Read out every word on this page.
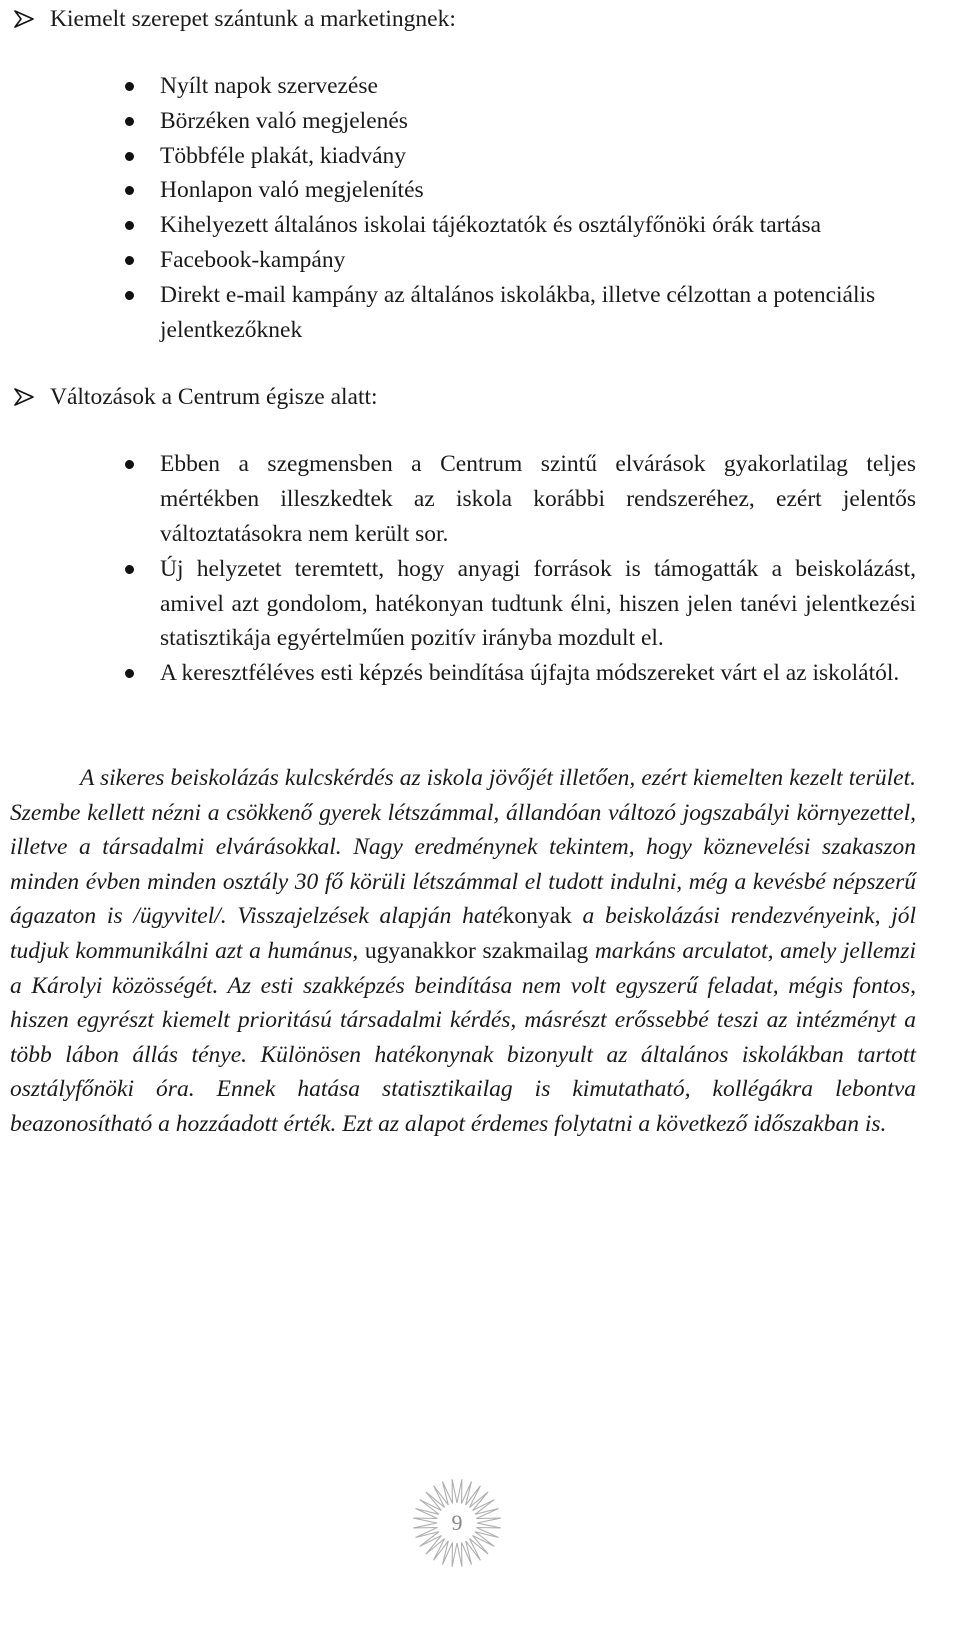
Kiemelt szerepet szántunk a marketingnek:

Nyílt napok szervezése
Börzéken való megjelenés
Többféle plakát, kiadvány
Honlapon való megjelenítés
Kihelyezett általános iskolai tájékoztatók és osztályfőnöki órák tartása
Facebook-kampány
Direkt e-mail kampány az általános iskolákba, illetve célzottan a potenciális jelentkezőknek

Változások a Centrum égisze alatt:

Ebben a szegmensben a Centrum szintű elvárások gyakorlatilag teljes mértékben illeszkedtek az iskola korábbi rendszeréhez, ezért jelentős változtatásokra nem került sor.
Új helyzetet teremtett, hogy anyagi források is támogatták a beiskolázást, amivel azt gondolom, hatékonyan tudtunk élni, hiszen jelen tanévi jelentkezési statisztikája egyértelműen pozitív irányba mozdult el.
A keresztféléves esti képzés beindítása újfajta módszereket várt el az iskolától.

A sikeres beiskolázás kulcskérdés az iskola jövőjét illetően, ezért kiemelten kezelt terület. Szembe kellett nézni a csökkenő gyerek létszámmal, állandóan változó jogszabályi környezettel, illetve a társadalmi elvárásokkal. Nagy eredménynek tekintem, hogy köznevelési szakaszon minden évben minden osztály 30 fő körüli létszámmal el tudott indulni, még a kevésbé népszerű ágazaton is /ügyvitel/. Visszajelzések alapján hatékonyak a beiskolázási rendezvényeink, jól tudjuk kommunikálni azt a humánus, ugyanakkor szakmailag markáns arculatot, amely jellemzi a Károlyi közösségét. Az esti szakképzés beindítása nem volt egyszerű feladat, mégis fontos, hiszen egyrészt kiemelt prioritású társadalmi kérdés, másrészt erőssebbé teszi az intézményt a több lábon állás ténye. Különösen hatékonynak bizonyult az általános iskolákban tartott osztályfőnöki óra. Ennek hatása statisztikailag is kimutatható, kollégákra lebontva beazonosítható a hozzáadott érték. Ezt az alapot érdemes folytatni a következő időszakban is.

9
